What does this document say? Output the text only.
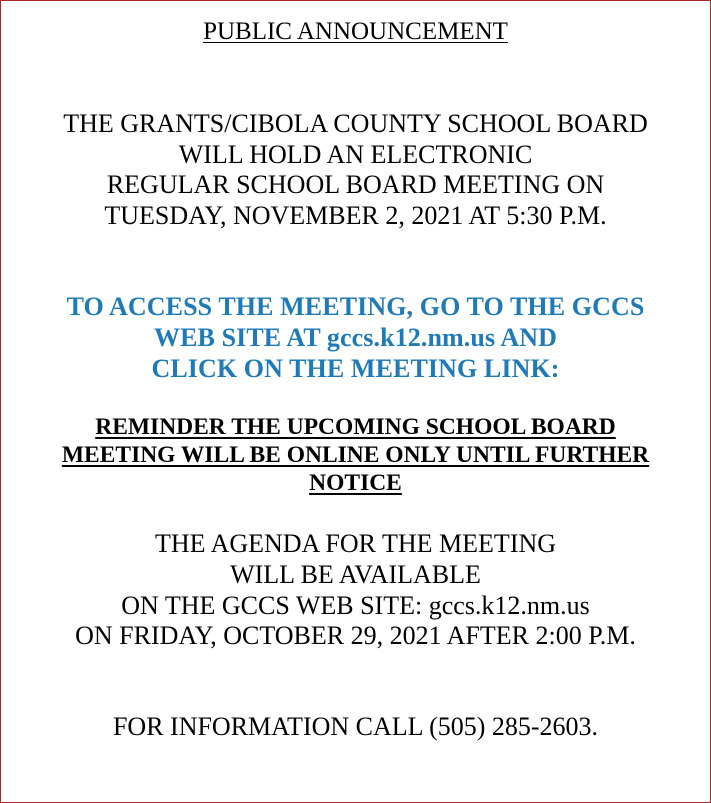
PUBLIC ANNOUNCEMENT
THE GRANTS/CIBOLA COUNTY SCHOOL BOARD
WILL HOLD AN ELECTRONIC
REGULAR SCHOOL BOARD MEETING ON
TUESDAY, NOVEMBER 2, 2021 AT 5:30 P.M.
TO ACCESS THE MEETING, GO TO THE GCCS
WEB SITE AT gccs.k12.nm.us AND
CLICK ON THE MEETING LINK:
REMINDER THE UPCOMING SCHOOL BOARD
MEETING WILL BE ONLINE ONLY UNTIL FURTHER
NOTICE
THE AGENDA FOR THE MEETING
WILL BE AVAILABLE
ON THE GCCS WEB SITE: gccs.k12.nm.us
ON FRIDAY, OCTOBER 29, 2021 AFTER 2:00 P.M.
FOR INFORMATION CALL (505) 285-2603.
